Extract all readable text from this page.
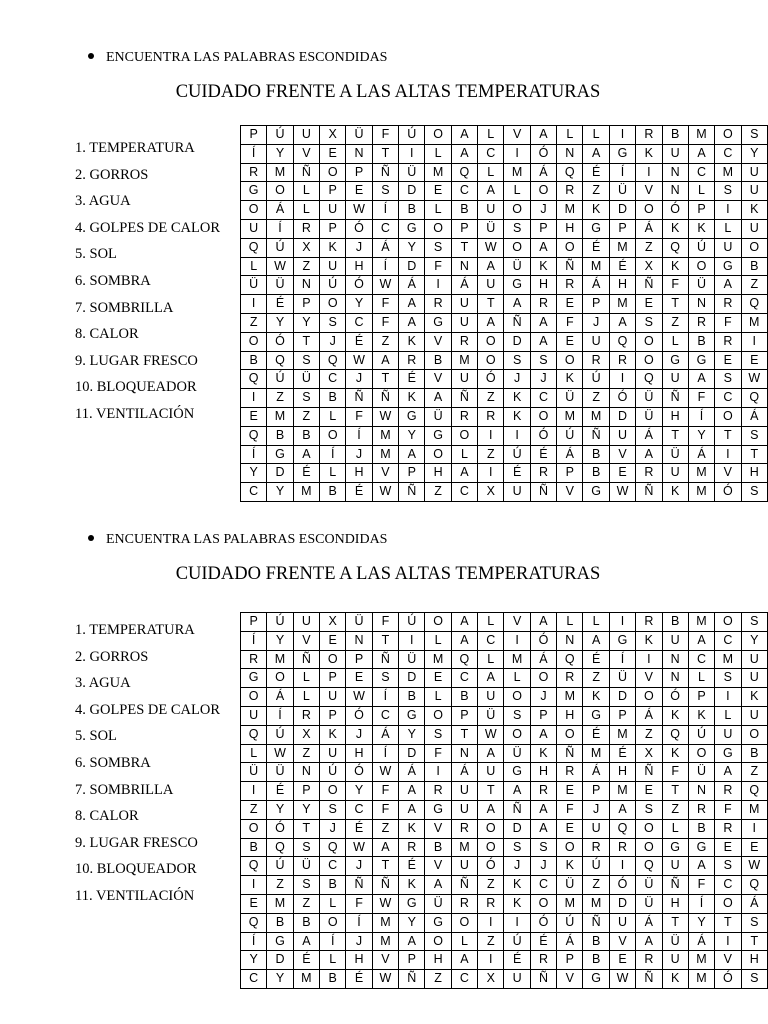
ENCUENTRA LAS PALABRAS ESCONDIDAS
CUIDADO FRENTE A LAS ALTAS TEMPERATURAS
1. TEMPERATURA
2. GORROS
3. AGUA
4. GOLPES DE CALOR
5. SOL
6. SOMBRA
7. SOMBRILLA
8. CALOR
9. LUGAR FRESCO
10. BLOQUEADOR
11. VENTILACIÓN
P	Ú	U	X	Ü	F	Ú	O	A	L	V	A	L	L	I	R	B	M	O	S
Í	Y	V	E	N	T	I	L	A	C	I	Ó	N	A	G	K	U	A	C	Y
R	M	Ñ	O	P	Ñ	Ü	M	Q	L	M	Á	Q	É	Í	I	N	C	M	U
G	O	L	P	E	S	D	E	C	A	L	O	R	Z	Ü	V	N	L	S	U
O	Á	L	U	W	Í	B	L	B	U	O	J	M	K	D	O	Ó	P	I	K
U	Í	R	P	Ó	C	G	O	P	Ü	S	P	H	G	P	Á	K	K	L	U
Q	Ú	X	K	J	Á	Y	S	T	W	O	A	O	É	M	Z	Q	Ú	U	O
L	W	Z	U	H	Í	D	F	N	A	Ü	K	Ñ	M	É	X	K	O	G	B
Ü	Ü	N	Ú	Ó	W	Á	I	Á	U	G	H	R	Á	H	Ñ	F	Ü	A	Z
I	É	P	O	Y	F	A	R	U	T	A	R	E	P	M	E	T	N	R	Q
Z	Y	Y	S	C	F	A	G	U	A	Ñ	A	F	J	A	S	Z	R	F	M
O	Ó	T	J	É	Z	K	V	R	O	D	A	E	U	Q	O	L	B	R	I
B	Q	S	Q	W	A	R	B	M	O	S	S	O	R	R	O	G	G	E	E
Q	Ú	Ü	C	J	T	É	V	U	Ó	J	J	K	Ú	I	Q	U	A	S	W
I	Z	S	B	Ñ	Ñ	K	A	Ñ	Z	K	C	Ü	Z	Ó	Ü	Ñ	F	C	Q
E	M	Z	L	F	W	G	Ü	R	R	K	O	M	M	D	Ü	H	Í	O	Á
Q	B	B	O	Í	M	Y	G	O	I	I	Ó	Ú	Ñ	U	Á	T	Y	T	S
Í	G	A	Í	J	M	A	O	L	Z	Ú	É	Á	B	V	A	Ü	Á	I	T
Y	D	É	L	H	V	P	H	A	I	É	R	P	B	E	R	U	M	V	H
C	Y	M	B	É	W	Ñ	Z	C	X	U	Ñ	V	G	W	Ñ	K	M	Ó	S
ENCUENTRA LAS PALABRAS ESCONDIDAS
CUIDADO FRENTE A LAS ALTAS TEMPERATURAS
1. TEMPERATURA
2. GORROS
3. AGUA
4. GOLPES DE CALOR
5. SOL
6. SOMBRA
7. SOMBRILLA
8. CALOR
9. LUGAR FRESCO
10. BLOQUEADOR
11. VENTILACIÓN
P	Ú	U	X	Ü	F	Ú	O	A	L	V	A	L	L	I	R	B	M	O	S
Í	Y	V	E	N	T	I	L	A	C	I	Ó	N	A	G	K	U	A	C	Y
R	M	Ñ	O	P	Ñ	Ü	M	Q	L	M	Á	Q	É	Í	I	N	C	M	U
G	O	L	P	E	S	D	E	C	A	L	O	R	Z	Ü	V	N	L	S	U
O	Á	L	U	W	Í	B	L	B	U	O	J	M	K	D	O	Ó	P	I	K
U	Í	R	P	Ó	C	G	O	P	Ü	S	P	H	G	P	Á	K	K	L	U
Q	Ú	X	K	J	Á	Y	S	T	W	O	A	O	É	M	Z	Q	Ú	U	O
L	W	Z	U	H	Í	D	F	N	A	Ü	K	Ñ	M	É	X	K	O	G	B
Ü	Ü	N	Ú	Ó	W	Á	I	Á	U	G	H	R	Á	H	Ñ	F	Ü	A	Z
I	É	P	O	Y	F	A	R	U	T	A	R	E	P	M	E	T	N	R	Q
Z	Y	Y	S	C	F	A	G	U	A	Ñ	A	F	J	A	S	Z	R	F	M
O	Ó	T	J	É	Z	K	V	R	O	D	A	E	U	Q	O	L	B	R	I
B	Q	S	Q	W	A	R	B	M	O	S	S	O	R	R	O	G	G	E	E
Q	Ú	Ü	C	J	T	É	V	U	Ó	J	J	K	Ú	I	Q	U	A	S	W
I	Z	S	B	Ñ	Ñ	K	A	Ñ	Z	K	C	Ü	Z	Ó	Ü	Ñ	F	C	Q
E	M	Z	L	F	W	G	Ü	R	R	K	O	M	M	D	Ü	H	Í	O	Á
Q	B	B	O	Í	M	Y	G	O	I	I	Ó	Ú	Ñ	U	Á	T	Y	T	S
Í	G	A	Í	J	M	A	O	L	Z	Ú	É	Á	B	V	A	Ü	Á	I	T
Y	D	É	L	H	V	P	H	A	I	É	R	P	B	E	R	U	M	V	H
C	Y	M	B	É	W	Ñ	Z	C	X	U	Ñ	V	G	W	Ñ	K	M	Ó	S
